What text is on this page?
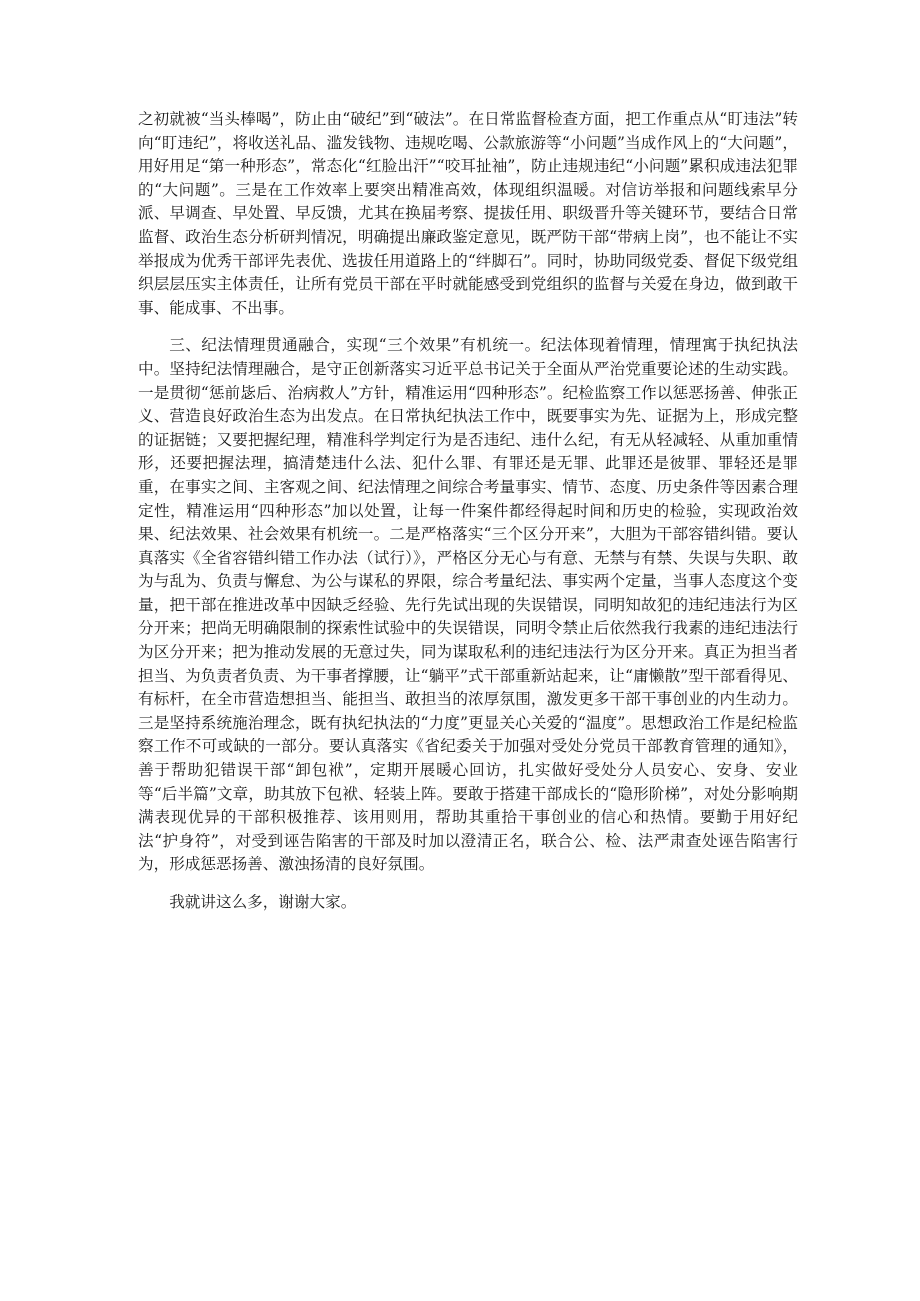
之初就被“当头棒喝”，防止由“破纪”到“破法”。在日常监督检查方面，把工作重点从“盯违法”转向“盯违纪”，将收送礼品、滥发钱物、违规吃喝、公款旅游等“小问题”当成作风上的“大问题”，用好用足“第一种形态”，常态化“红脸出汗”“咬耳扯袖”，防止违规违纪“小问题”累积成违法犯罪的“大问题”。三是在工作效率上要突出精准高效，体现组织温暖。对信访举报和问题线索早分派、早调查、早处置、早反馈，尤其在换届考察、提拔任用、职级晋升等关键环节，要结合日常监督、政治生态分析研判情况，明确提出廉政鉴定意见，既严防干部“带病上岗”，也不能让不实举报成为优秀干部评先表优、选拔任用道路上的“绊脚石”。同时，协助同级党委、督促下级党组织层层压实主体责任，让所有党员干部在平时就能感受到党组织的监督与关爱在身边，做到敢干事、能成事、不出事。

三、纪法情理贯通融合，实现“三个效果”有机统一。纪法体现着情理，情理寓于执纪执法中。坚持纪法情理融合，是守正创新落实习近平总书记关于全面从严治党重要论述的生动实践。一是贯彻“惩前毖后、治病救人”方针，精准运用“四种形态”。纪检监察工作以惩恶扬善、伸张正义、营造良好政治生态为出发点。在日常执纪执法工作中，既要事实为先、证据为上，形成完整的证据链；又要把握纪理，精准科学判定行为是否违纪、违什么纪，有无从轻减轻、从重加重情形，还要把握法理，搞清楚违什么法、犯什么罪、有罪还是无罪、此罪还是彼罪、罪轻还是罪重，在事实之间、主客观之间、纪法情理之间综合考量事实、情节、态度、历史条件等因素合理定性，精准运用“四种形态”加以处置，让每一件案件都经得起时间和历史的检验，实现政治效果、纪法效果、社会效果有机统一。二是严格落实“三个区分开来”，大胆为干部容错纠错。要认真落实《全省容错纠错工作办法（试行）》，严格区分无心与有意、无禁与有禁、失误与失职、敢为与乱为、负责与懈怠、为公与谋私的界限，综合考量纪法、事实两个定量，当事人态度这个变量，把干部在推进改革中因缺乏经验、先行先试出现的失误错误，同明知故犯的违纪违法行为区分开来；把尚无明确限制的探索性试验中的失误错误，同明令禁止后依然我行我素的违纪违法行为区分开来；把为推动发展的无意过失，同为谋取私利的违纪违法行为区分开来。真正为担当者担当、为负责者负责、为干事者撑腰，让“躺平”式干部重新站起来，让“庸懒散”型干部看得见、有标杆，在全市营造想担当、能担当、敢担当的浓厚氛围，激发更多干部干事创业的内生动力。三是坚持系统施治理念，既有执纪执法的“力度”更显关心关爱的“温度”。思想政治工作是纪检监察工作不可或缺的一部分。要认真落实《省纪委关于加强对受处分党员干部教育管理的通知》，善于帮助犯错误干部“卸包袱”，定期开展暖心回访，扎实做好受处分人员安心、安身、安业等“后半篇”文章，助其放下包袱、轻装上阵。要敢于搭建干部成长的“隐形阶梯”，对处分影响期满表现优异的干部积极推荐、该用则用，帮助其重拾干事创业的信心和热情。要勤于用好纪法“护身符”，对受到诬告陷害的干部及时加以澄清正名，联合公、检、法严肃查处诬告陷害行为，形成惩恶扬善、激浊扬清的良好氛围。

我就讲这么多，谢谢大家。
